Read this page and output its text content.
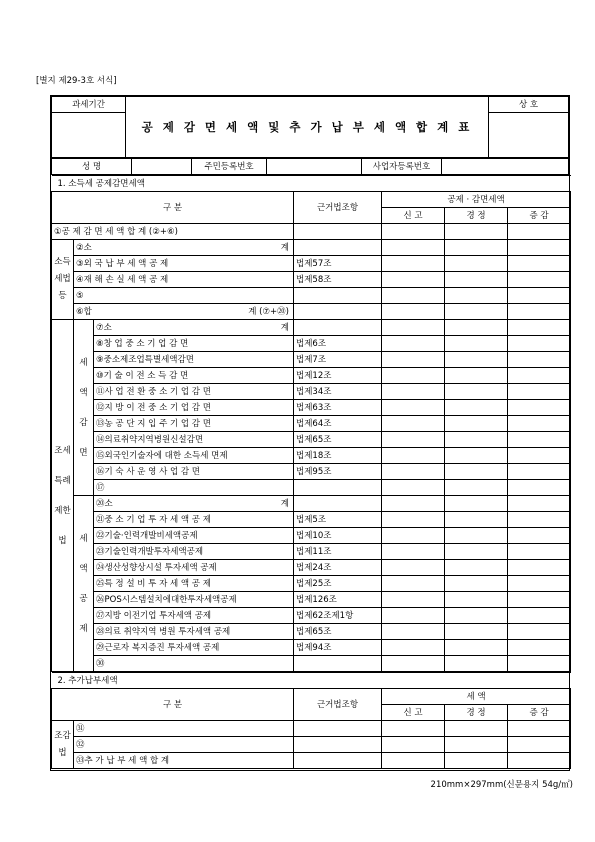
[별지 제29-3호 서식]
과세기간	공 제 감 면 세 액 및 추 가 납 부 세 액 합 계 표	상 호

성 명		주민등록번호		사업자등록번호	
1. 소득세 공제감면세액						
구 분			근거법조항	공제 · 감면세액		
				신 고	경 정	증 감
①공 제 감 면 세 액 합 계 (②+⑥)						
소득세법등	②소 계					

	③외 국 납 부 세 액 공 제		법제57조			
	④재 해 손 실 세 액 공 제		법제58조			
	⑤					
	⑥합 계 (⑦+⑳)					

조세특례제한법	세액감면	⑦소 계				

		⑧창 업 중 소 기 업 감 면	법제6조			
		⑨중소제조업특별세액감면	법제7조			
		⑩기 술 이 전 소 득 감 면	법제12조			
		⑪사 업 전 환 중 소 기 업 감 면	법제34조			
		⑫지 방 이 전 중 소 기 업 감 면	법제63조			
		⑬농 공 단 지 입 주 기 업 감 면	법제64조			
		⑭의료취약지역병원신설감면	법제65조			
		⑮외국인기술자에 대한 소득세 면제	법제18조			
		⑯기 숙 사 운 영 사 업 감 면	법제95조			
		⑰				
	세액공제	⑳소 계				

		㉑중 소 기 업 투 자 세 액 공 제	법제5조			
		㉒기술·인력개발비세액공제	법제10조			
		㉓기술인력개발투자세액공제	법제11조			
		㉔생산성향상시설 투자세액 공제	법제24조			
		㉕특 정 설 비 투 자 세 액 공 제	법제25조			
		㉖POS시스템설치에대한투자세액공제	법제126조			
		㉗지방 이전기업 투자세액 공제	법제62조제1항			
		㉘의료 취약지역 병원 투자세액 공제	법제65조			
		㉙근로자 복지증진 투자세액 공제	법제94조			
		㉚				
2. 추가납부세액					
구 분		근거법조항	세 액		
			신 고	경 정	증 감
조감법	㉛				
	㉜				
	㉝추 가 납 부 세 액 합 계				
210mm×297mm(신문용지 54g/㎡)
